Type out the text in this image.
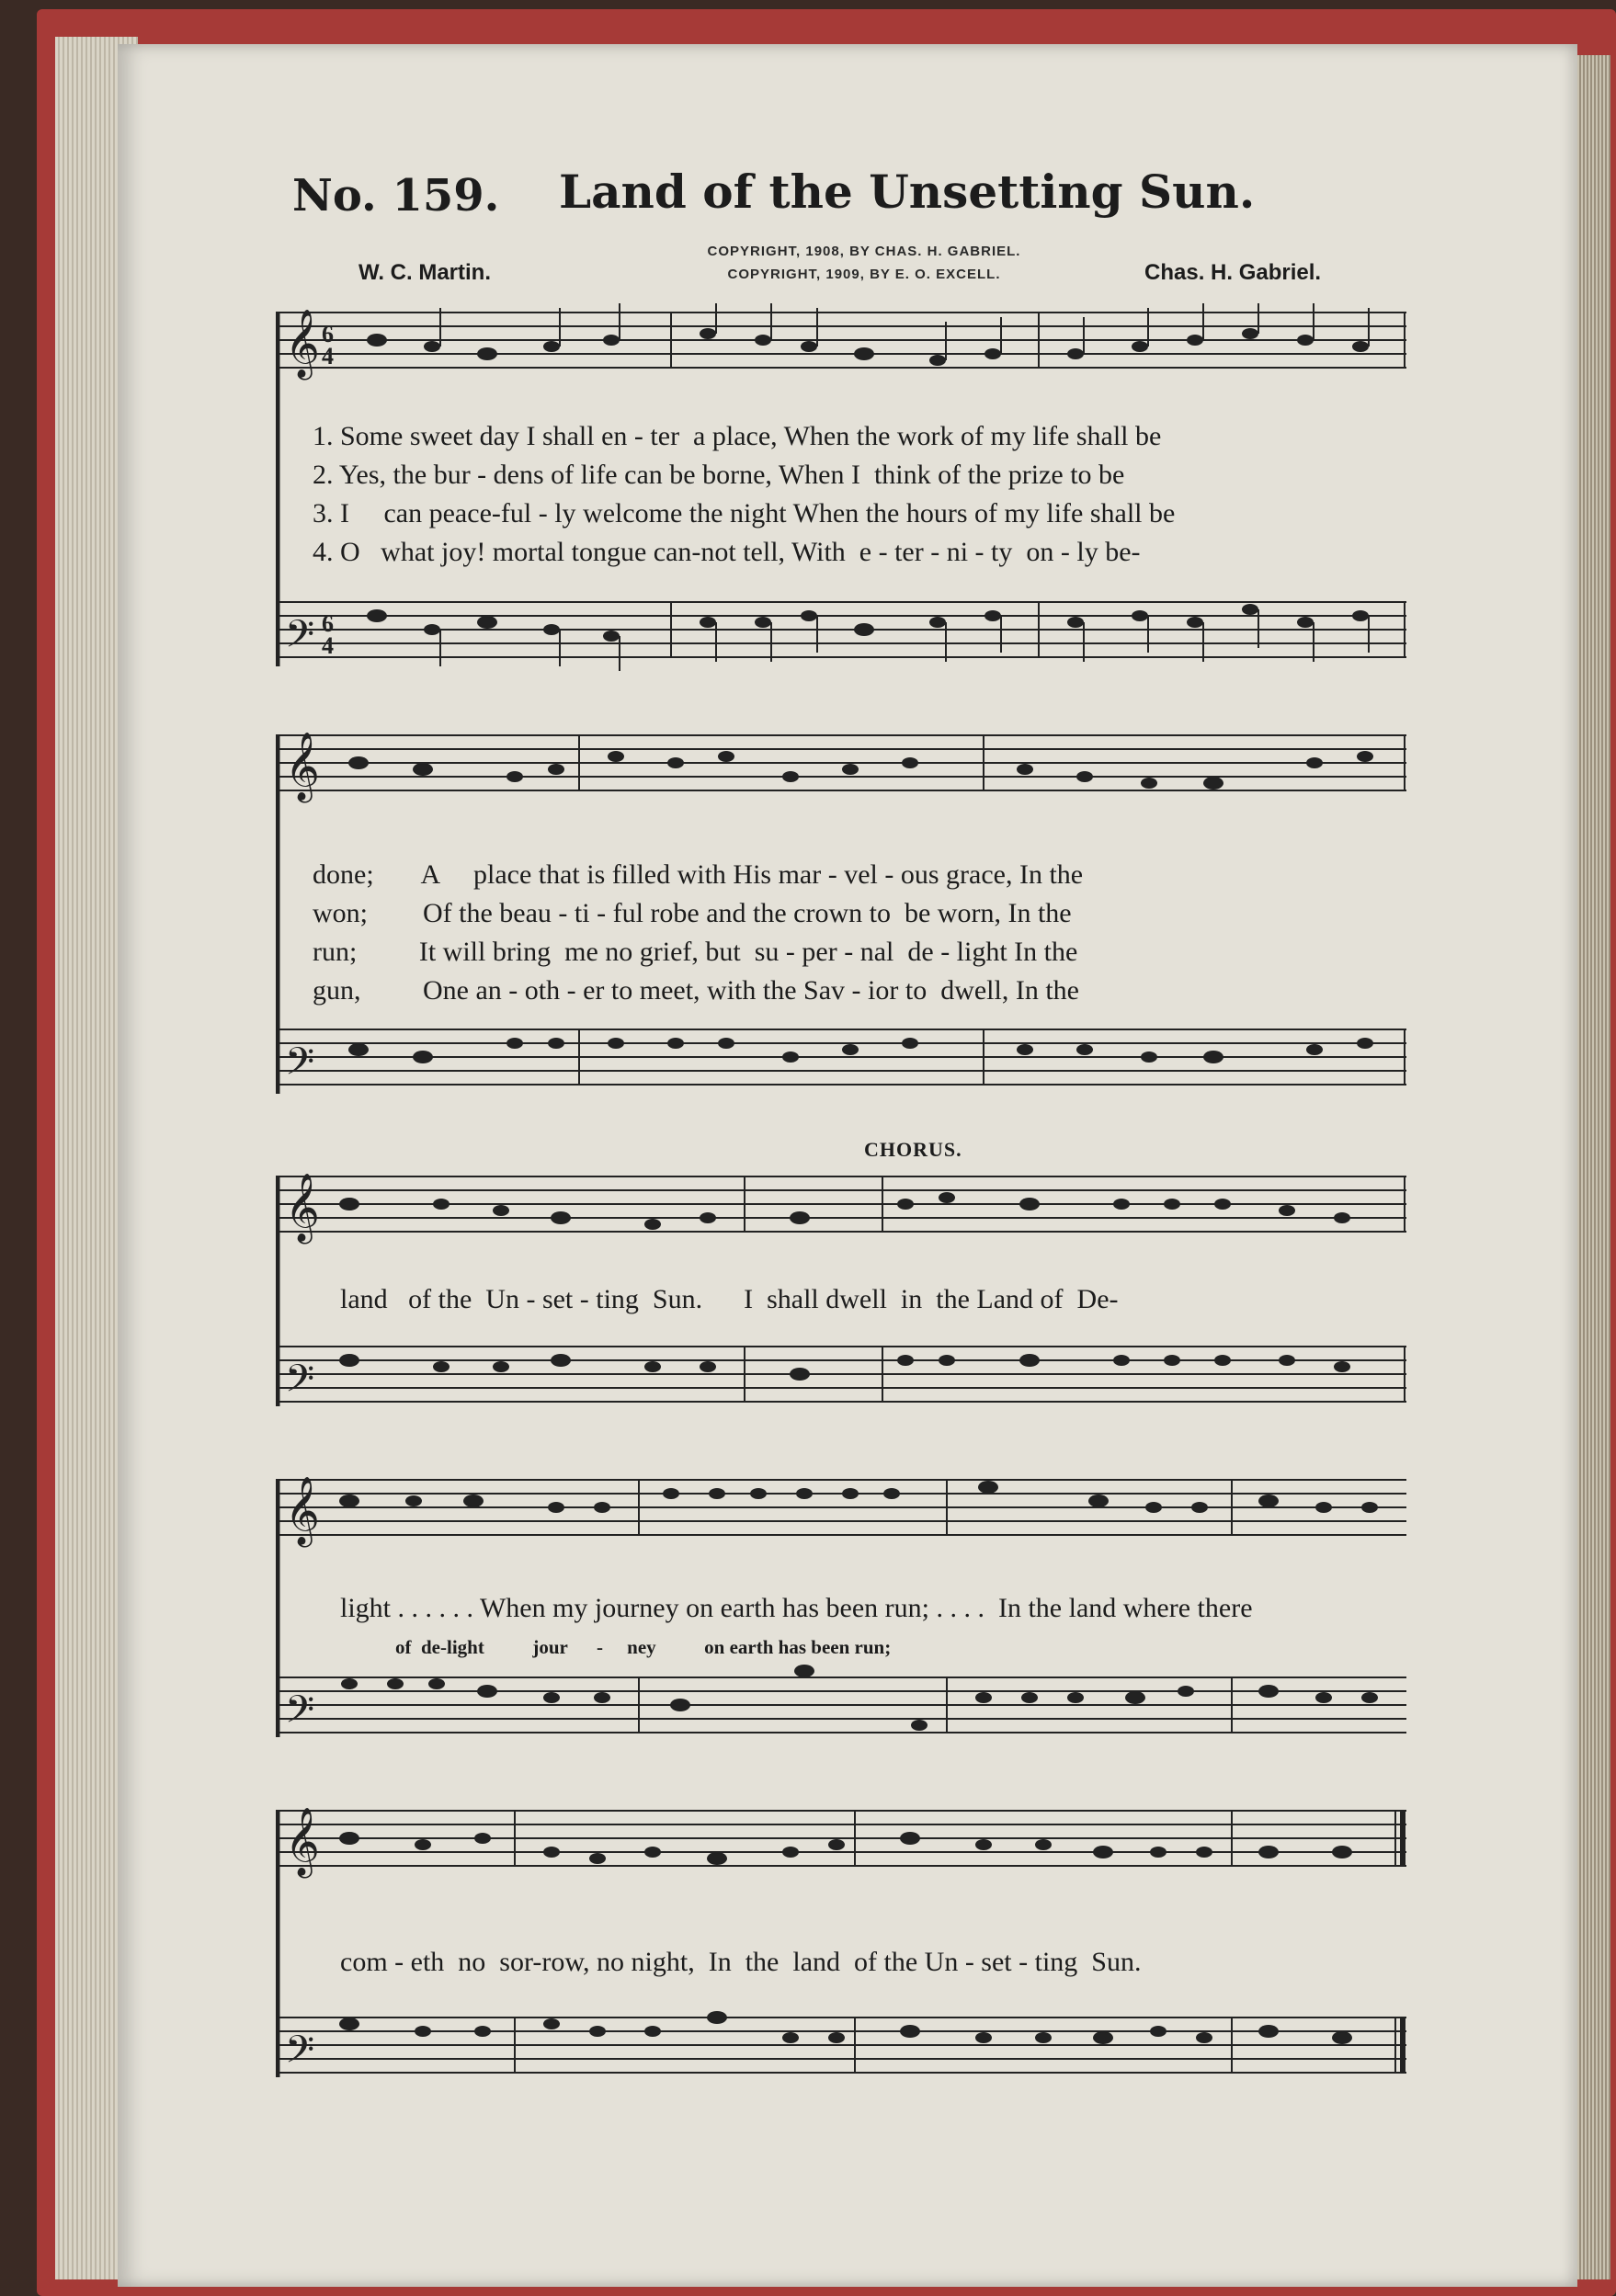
No. 159. Land of the Unsetting Sun.
COPYRIGHT, 1908, BY CHAS. H. GABRIEL.
COPYRIGHT, 1909, BY E. O. EXCELL.
W. C. Martin.	Chas. H. Gabriel.
𝄞 6
4
𝄢 6
4
1. Some sweet day I shall en - ter  a place, When the work of my life shall be
2. Yes, the bur - dens of life can be borne, When I  think of the prize to be
3. I     can peace-ful - ly welcome the night When the hours of my life shall be
4. O   what joy! mortal tongue can-not tell, With  e - ter - ni - ty  on - ly be-
𝄞
𝄢
done;       A     place that is filled with His mar - vel - ous grace, In the
won;        Of the beau - ti - ful robe and the crown to  be worn, In the
run;         It will bring  me no grief, but  su - per - nal  de - light In the
gun,         One an - oth - er to meet, with the Sav - ior to  dwell, In the
CHORUS.
𝄞
𝄢
land   of the  Un - set - ting  Sun.      I  shall dwell  in  the Land of  De-
𝄞
𝄢
light . . . . . . When my journey on earth has been run; . . . .  In the land where there
of  de-light          jour      -     ney          on earth has been run;
𝄞
𝄢
com - eth  no  sor-row, no night,  In  the  land  of the Un - set - ting  Sun.
